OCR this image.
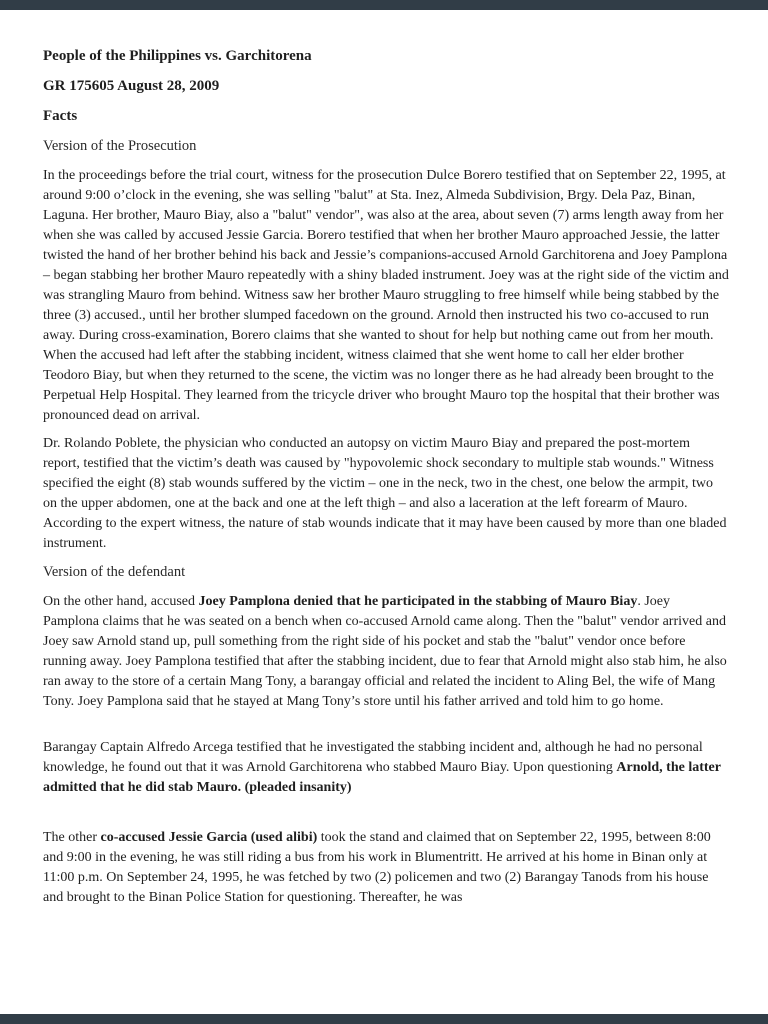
People of the Philippines vs. Garchitorena

GR 175605 August 28, 2009

Facts

Version of the Prosecution

In the proceedings before the trial court, witness for the prosecution Dulce Borero testified that on September 22, 1995, at around 9:00 o’clock in the evening, she was selling "balut" at Sta. Inez, Almeda Subdivision, Brgy. Dela Paz, Binan, Laguna. Her brother, Mauro Biay, also a "balut" vendor", was also at the area, about seven (7) arms length away from her when she was called by accused Jessie Garcia. Borero testified that when her brother Mauro approached Jessie, the latter twisted the hand of her brother behind his back and Jessie’s companions-accused Arnold Garchitorena and Joey Pamplona – began stabbing her brother Mauro repeatedly with a shiny bladed instrument. Joey was at the right side of the victim and was strangling Mauro from behind. Witness saw her brother Mauro struggling to free himself while being stabbed by the three (3) accused., until her brother slumped facedown on the ground. Arnold then instructed his two co-accused to run away. During cross-examination, Borero claims that she wanted to shout for help but nothing came out from her mouth. When the accused had left after the stabbing incident, witness claimed that she went home to call her elder brother Teodoro Biay, but when they returned to the scene, the victim was no longer there as he had already been brought to the Perpetual Help Hospital. They learned from the tricycle driver who brought Mauro top the hospital that their brother was pronounced dead on arrival.

Dr. Rolando Poblete, the physician who conducted an autopsy on victim Mauro Biay and prepared the post-mortem report, testified that the victim’s death was caused by "hypovolemic shock secondary to multiple stab wounds." Witness specified the eight (8) stab wounds suffered by the victim – one in the neck, two in the chest, one below the armpit, two on the upper abdomen, one at the back and one at the left thigh – and also a laceration at the left forearm of Mauro. According to the expert witness, the nature of stab wounds indicate that it may have been caused by more than one bladed instrument.

Version of the defendant

On the other hand, accused Joey Pamplona denied that he participated in the stabbing of Mauro Biay. Joey Pamplona claims that he was seated on a bench when co-accused Arnold came along. Then the "balut" vendor arrived and Joey saw Arnold stand up, pull something from the right side of his pocket and stab the "balut" vendor once before running away. Joey Pamplona testified that after the stabbing incident, due to fear that Arnold might also stab him, he also ran away to the store of a certain Mang Tony, a barangay official and related the incident to Aling Bel, the wife of Mang Tony. Joey Pamplona said that he stayed at Mang Tony’s store until his father arrived and told him to go home.

Barangay Captain Alfredo Arcega testified that he investigated the stabbing incident and, although he had no personal knowledge, he found out that it was Arnold Garchitorena who stabbed Mauro Biay. Upon questioning Arnold, the latter admitted that he did stab Mauro. (pleaded insanity)

The other co-accused Jessie Garcia (used alibi) took the stand and claimed that on September 22, 1995, between 8:00 and 9:00 in the evening, he was still riding a bus from his work in Blumentritt. He arrived at his home in Binan only at 11:00 p.m. On September 24, 1995, he was fetched by two (2) policemen and two (2) Barangay Tanods from his house and brought to the Binan Police Station for questioning. Thereafter, he was
